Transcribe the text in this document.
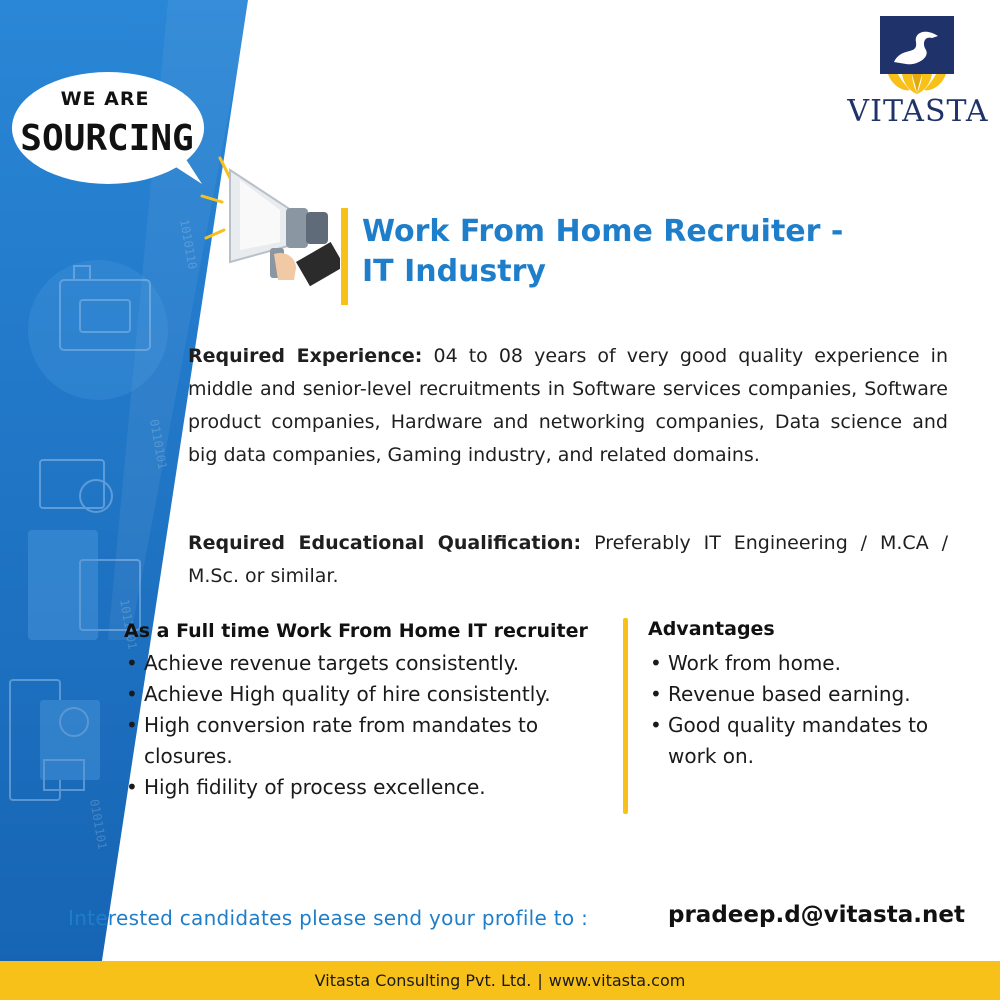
1010110
0110101
1011001
0101101
WE ARE
SOURCING
VITASTA
Work From Home Recruiter -
IT Industry
Required Experience: 04 to 08 years of very good quality experience in middle and senior-level recruitments in Software services companies, Software product companies, Hardware and networking companies, Data science and big data companies, Gaming industry, and related domains.
Required Educational Qualification: Preferably IT Engineering / M.CA / M.Sc. or similar.
As a Full time Work From Home IT recruiter
• Achieve revenue targets consistently.
• Achieve High quality of hire consistently.
• High conversion rate from mandates to closures.
• High fidility of process excellence.
Advantages
• Work from home.
• Revenue based earning.
• Good quality mandates to work on.
Interested candidates please send your profile to :	pradeep.d@vitasta.net
Vitasta Consulting Pvt. Ltd. | www.vitasta.com
